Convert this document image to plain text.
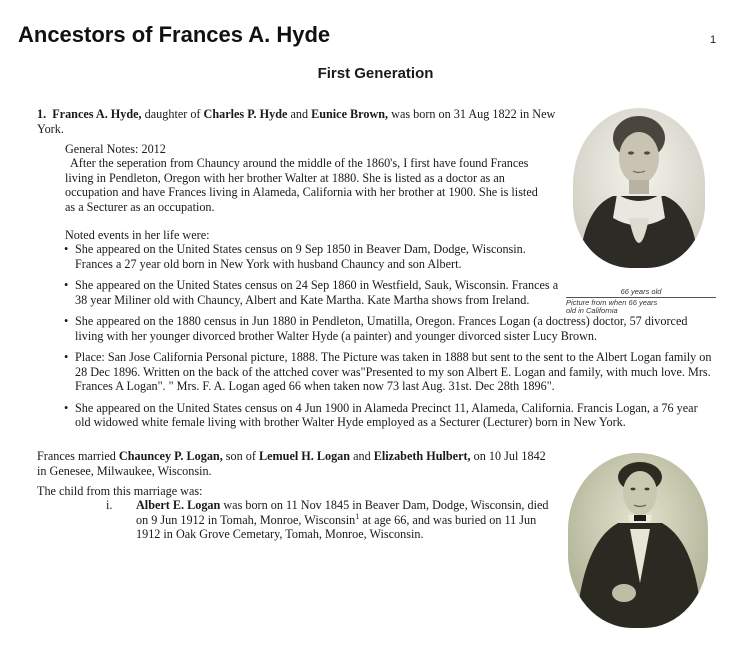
Ancestors of Frances A. Hyde	1
First Generation
1. Frances A. Hyde, daughter of Charles P. Hyde and Eunice Brown, was born on 31 Aug 1822 in New York.
General Notes: 2012
After the seperation from Chauncy around the middle of the 1860's, I first have found Frances living in Pendleton, Oregon with her brother Walter at 1880. She is listed as a doctor as an occupation and have Frances living in Alameda, California with her brother at 1900. She is listed as a Secturer as an occupation.
Noted events in her life were:
• She appeared on the United States census on 9 Sep 1850 in Beaver Dam, Dodge, Wisconsin. Frances a 27 year old born in New York with husband Chauncy and son Albert.
• She appeared on the United States census on 24 Sep 1860 in Westfield, Sauk, Wisconsin. Frances a 38 year Miliner old with Chauncy, Albert and Kate Martha. Kate Martha shows from Ireland.
• She appeared on the 1880 census in Jun 1880 in Pendleton, Umatilla, Oregon. Frances Logan (a doctress) doctor, 57 divorced living with her younger divorced brother Walter Hyde (a painter) and younger divorced sister Lucy Brown.
• Place: San Jose California Personal picture, 1888. The Picture was taken in 1888 but sent to the sent to the Albert Logan family on 28 Dec 1896. Written on the back of the attched cover was"Presented to my son Albert E. Logan and family, with much love. Mrs. Frances A Logan". " Mrs. F. A. Logan aged 66 when taken now 73 last Aug. 31st. Dec 28th 1896".
• She appeared on the United States census on 4 Jun 1900 in Alameda Precinct 11, Alameda, California. Francis Logan, a 76 year old widowed white female living with brother Walter Hyde employed as a Secturer (Lecturer) born in New York.
Frances married Chauncey P. Logan, son of Lemuel H. Logan and Elizabeth Hulbert, on 10 Jul 1842 in Genesee, Milwaukee, Wisconsin.
The child from this marriage was:
i. Albert E. Logan was born on 11 Nov 1845 in Beaver Dam, Dodge, Wisconsin, died on 9 Jun 1912 in Tomah, Monroe, Wisconsin$^1$ at age 66, and was buried on 11 Jun 1912 in Oak Grove Cemetary, Tomah, Monroe, Wisconsin.
66 years old
Picture from when 66 years old in California
